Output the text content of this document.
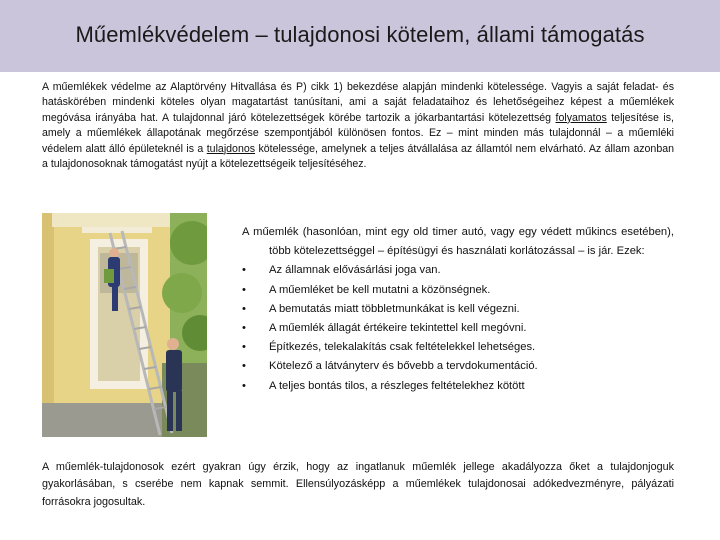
Műemlékvédelem – tulajdonosi kötelem, állami támogatás
A műemlékek védelme az Alaptörvény Hitvallása és P) cikk 1) bekezdése alapján mindenki kötelessége. Vagyis a saját feladat- és hatáskörében mindenki köteles olyan magatartást tanúsítani, ami a saját feladataihoz és lehetőségeihez képest a műemlékek megóvása irányába hat. A tulajdonnal járó kötelezettségek körébe tartozik a jókarbantartási kötelezettség folyamatos teljesítése is, amely a műemlékek állapotának megőrzése szempontjából különösen fontos. Ez – mint minden más tulajdonnál – a műemléki védelem alatt álló épületeknél is a tulajdonos kötelessége, amelynek a teljes átvállalása az államtól nem elvárható. Az állam azonban a tulajdonosoknak támogatást nyújt a kötelezettségeik teljesítéséhez.
A műemlék (hasonlóan, mint egy old timer autó, vagy egy védett műkincs esetében), több kötelezettséggel – építésügyi és használati korlátozással – is jár. Ezek:
• Az államnak elővásárlási joga van.
• A műemléket be kell mutatni a közönségnek.
• A bemutatás miatt többletmunkákat is kell végezni.
• A műemlék állagát értékeire tekintettel kell megóvni.
• Építkezés, telekalakítás csak feltételekkel lehetséges.
• Kötelező a látványterv és bővebb a tervdokumentáció.
• A teljes bontás tilos, a részleges feltételekhez kötött
A műemlék-tulajdonosok ezért gyakran úgy érzik, hogy az ingatlanuk műemlék jellege akadályozza őket a tulajdonjoguk gyakorlásában, s cserébe nem kapnak semmit. Ellensúlyozásképp a műemlékek tulajdonosai adókedvezményre, pályázati forrásokra jogosultak.
